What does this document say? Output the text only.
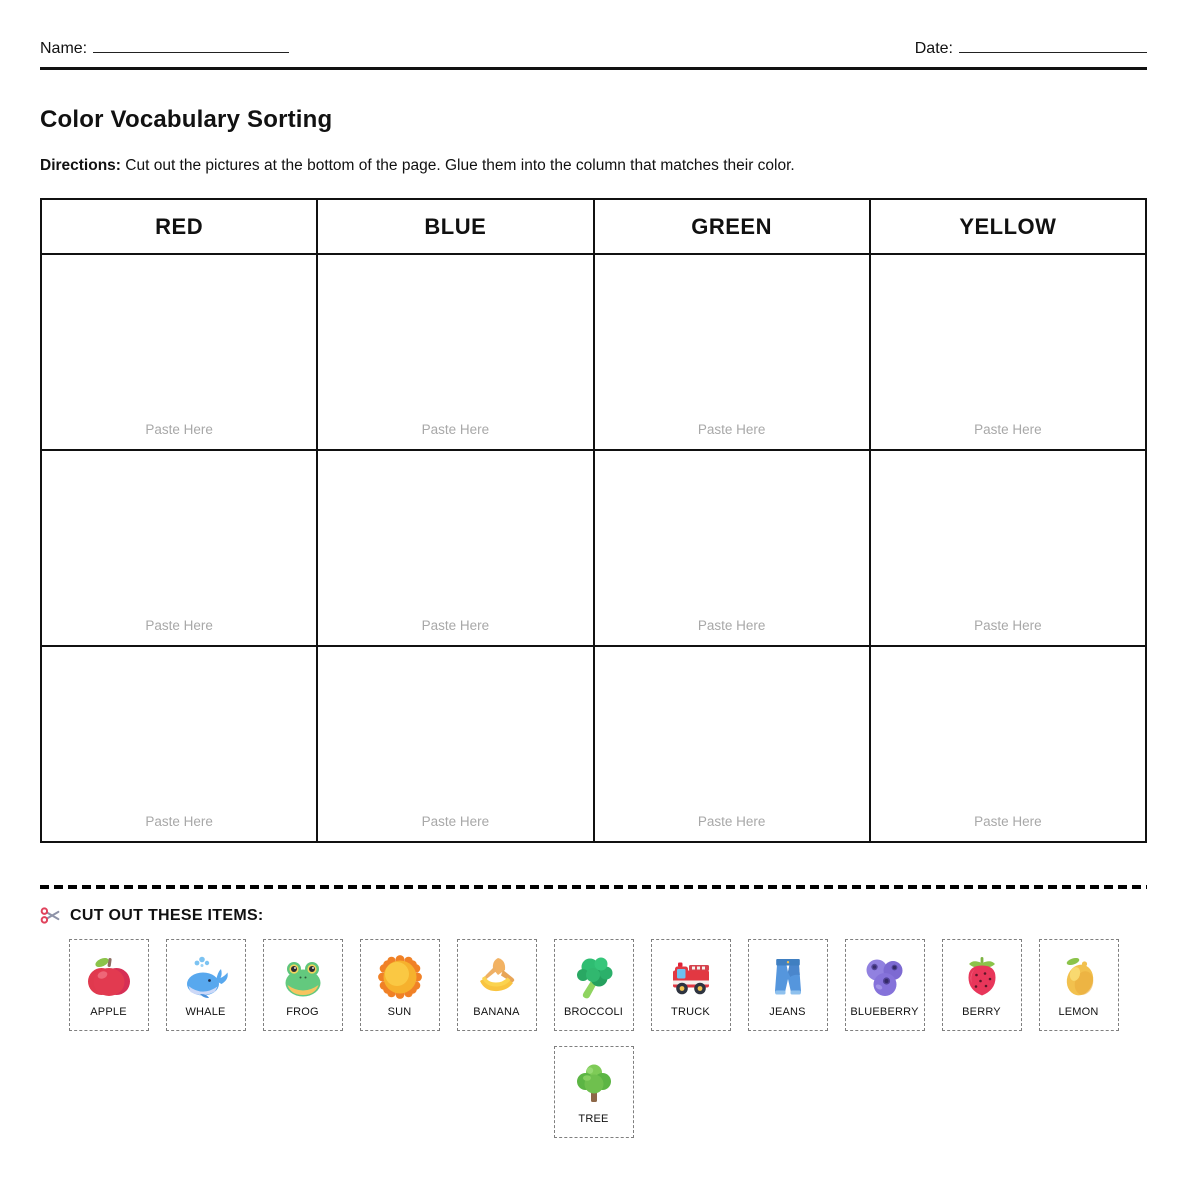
Name:	Date:
Color Vocabulary Sorting
Directions: Cut out the pictures at the bottom of the page. Glue them into the column that matches their color.
RED	BLUE	GREEN	YELLOW
Paste Here	Paste Here	Paste Here	Paste Here
Paste Here	Paste Here	Paste Here	Paste Here
Paste Here	Paste Here	Paste Here	Paste Here
CUT OUT THESE ITEMS:
APPLE	WHALE	FROG	SUN	BANANA	BROCCOLI	TRUCK	JEANS	BLUEBERRY	BERRY	LEMON
TREE
